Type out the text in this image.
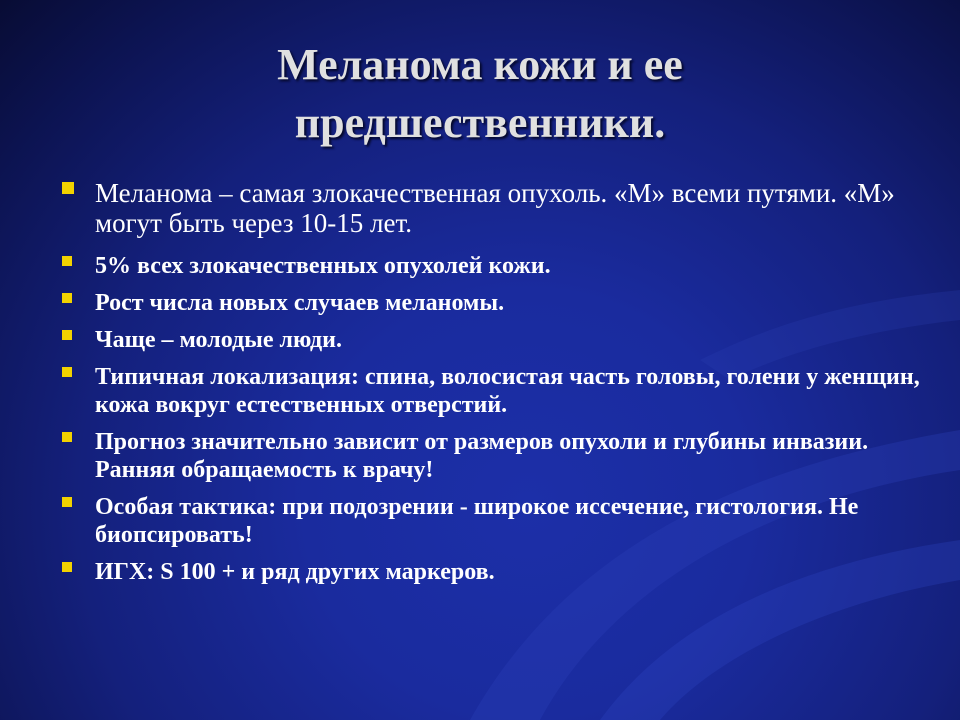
Меланома кожи и ее
предшественники.
Меланома – самая злокачественная опухоль. «М» всеми путями. «М» могут быть через 10-15 лет.
5% всех злокачественных опухолей кожи.
Рост числа новых случаев меланомы.
Чаще – молодые люди.
Типичная локализация: спина, волосистая часть головы, голени у женщин, кожа вокруг естественных отверстий.
Прогноз значительно зависит от размеров опухоли и глубины инвазии. Ранняя обращаемость к врачу!
Особая тактика: при подозрении - широкое иссечение, гистология. Не биопсировать!
ИГХ: S 100 + и ряд других маркеров.
